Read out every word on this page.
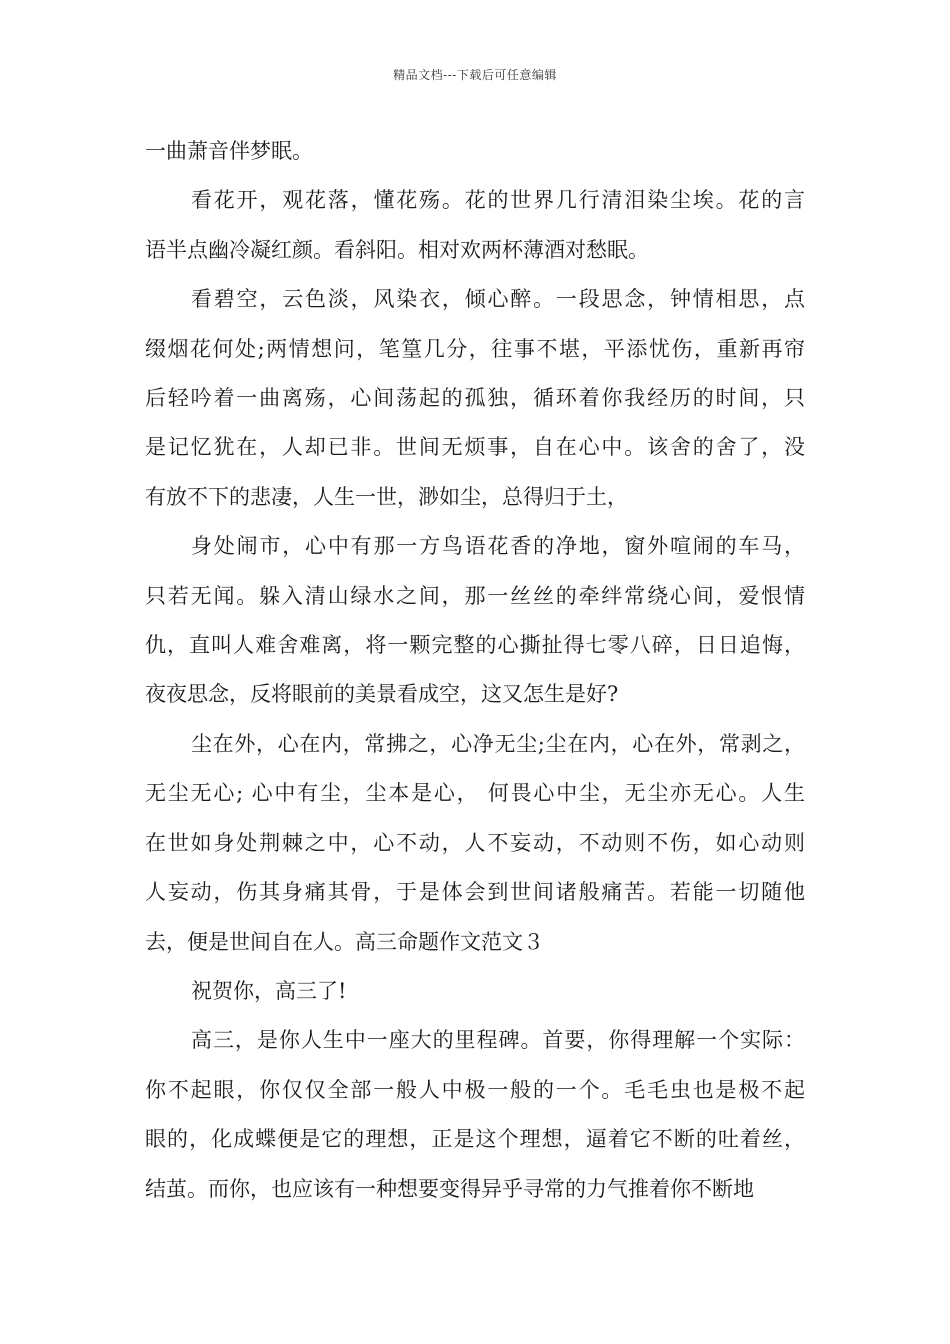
精品文档---下载后可任意编辑
一曲萧音伴梦眠。
看花开，观花落，懂花殇。花的世界几行清泪染尘埃。花的言
语半点幽冷凝红颜。看斜阳。相对欢两杯薄酒对愁眠。
看碧空，云色淡，风染衣，倾心醉。一段思念，钟情相思，点
缀烟花何处;两情想问，笔篁几分，往事不堪，平添忧伤，重新再帘
后轻吟着一曲离殇，心间荡起的孤独，循环着你我经历的时间，只
是记忆犹在，人却已非。世间无烦事，自在心中。该舍的舍了，没
有放不下的悲凄，人生一世，渺如尘，总得归于土，
身处闹市，心中有那一方鸟语花香的净地，窗外喧闹的车马，
只若无闻。躲入清山绿水之间，那一丝丝的牵绊常绕心间，爱恨情
仇，直叫人难舍难离，将一颗完整的心撕扯得七零八碎，日日追悔，
夜夜思念，反将眼前的美景看成空，这又怎生是好?
尘在外，心在内，常拂之，心净无尘;尘在内，心在外，常剥之，
无尘无心; 心中有尘，尘本是心， 何畏心中尘，无尘亦无心。人生
在世如身处荆棘之中，心不动，人不妄动，不动则不伤，如心动则
人妄动，伤其身痛其骨，于是体会到世间诸般痛苦。若能一切随他
去，便是世间自在人。高三命题作文范文３
祝贺你，高三了!
高三，是你人生中一座大的里程碑。首要，你得理解一个实际：
你不起眼，你仅仅全部一般人中极一般的一个。毛毛虫也是极不起
眼的，化成蝶便是它的理想，正是这个理想，逼着它不断的吐着丝，
结茧。而你，也应该有一种想要变得异乎寻常的力气推着你不断地
